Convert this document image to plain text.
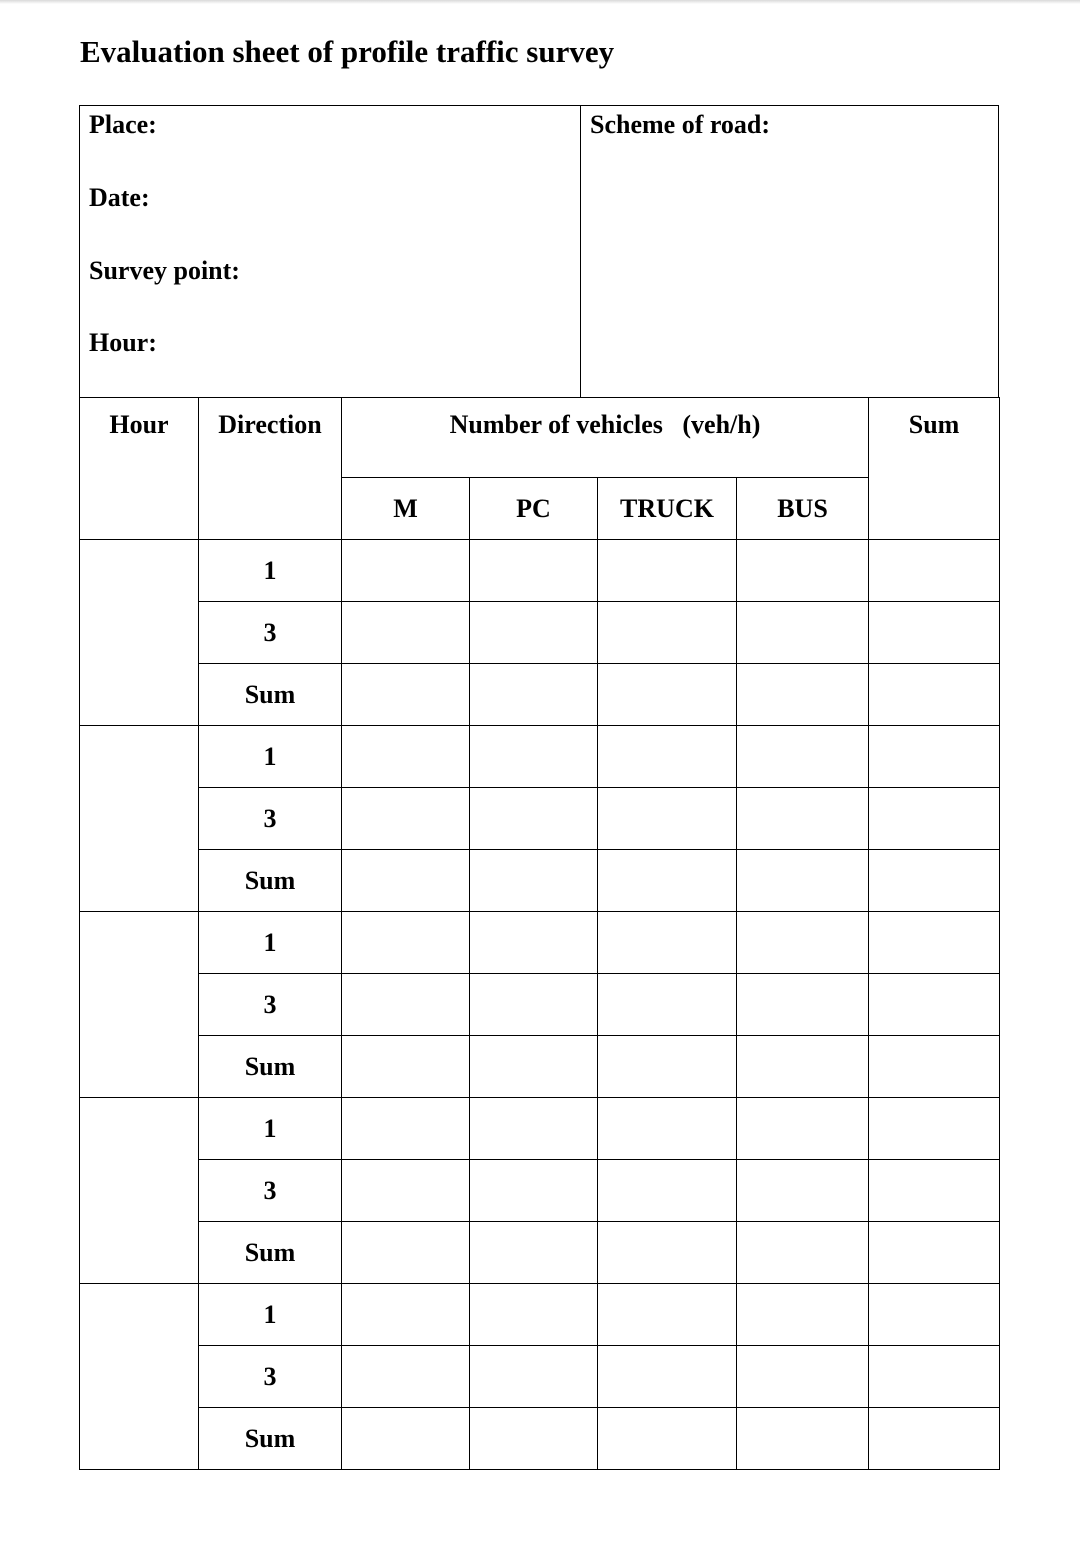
Evaluation sheet of profile traffic survey
Place:
Date:
Survey point:
Hour:
Scheme of road:
Hour	Direction	Number of vehicles   (veh/h)				Sum
		M	PC	TRUCK	BUS	
	1					
	3					
	Sum					
	1					
	3					
	Sum					
	1					
	3					
	Sum					
	1					
	3					
	Sum					
	1					
	3					
	Sum					
